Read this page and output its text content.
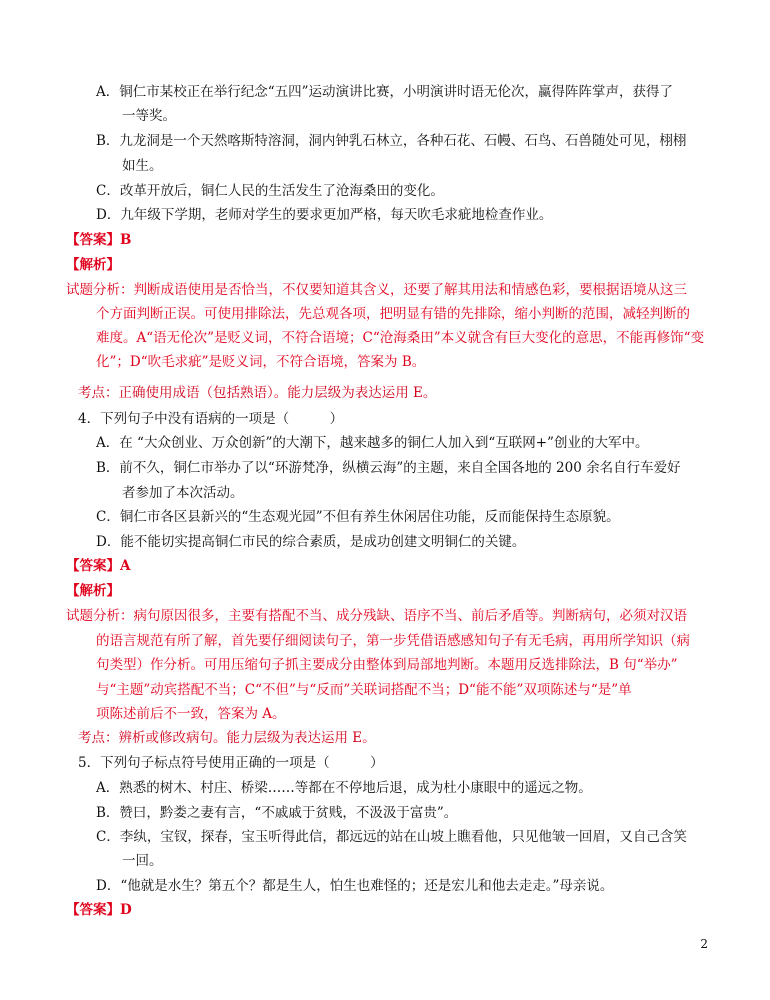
A．铜仁市某校正在举行纪念“五四”运动演讲比赛，小明演讲时语无伦次，赢得阵阵掌声，获得了
一等奖。
B．九龙洞是一个天然喀斯特溶洞，洞内钟乳石林立，各种石花、石幔、石鸟、石兽随处可见，栩栩
如生。
C．改革开放后，铜仁人民的生活发生了沧海桑田的变化。
D．九年级下学期，老师对学生的要求更加严格，每天吹毛求疵地检查作业。
【答案】B
【解析】
试题分析：判断成语使用是否恰当，不仅要知道其含义，还要了解其用法和情感色彩，要根据语境从这三
个方面判断正误。可使用排除法，先总观各项，把明显有错的先排除，缩小判断的范围，减轻判断的
难度。A“语无伦次”是贬义词，不符合语境；C“沧海桑田”本义就含有巨大变化的意思，不能再修饰“变
化”；D“吹毛求疵”是贬义词，不符合语境，答案为 B。
考点：正确使用成语（包括熟语）。能力层级为表达运用 E。
4．下列句子中没有语病的一项是（　　　）
A．在 “大众创业、万众创新”的大潮下，越来越多的铜仁人加入到“互联网+”创业的大军中。
B．前不久，铜仁市举办了以“环游梵净，纵横云海”的主题，来自全国各地的 200 余名自行车爱好
者参加了本次活动。
C．铜仁市各区县新兴的“生态观光园”不但有养生休闲居住功能，反而能保持生态原貌。
D．能不能切实提高铜仁市民的综合素质，是成功创建文明铜仁的关键。
【答案】A
【解析】
试题分析：病句原因很多，主要有搭配不当、成分残缺、语序不当、前后矛盾等。判断病句，必须对汉语
的语言规范有所了解，首先要仔细阅读句子，第一步凭借语感感知句子有无毛病，再用所学知识（病
句类型）作分析。可用压缩句子抓主要成分由整体到局部地判断。本题用反选排除法，B 句“举办”
与“主题”动宾搭配不当；C“不但”与“反而”关联词搭配不当；D“能不能”双项陈述与“是”单
项陈述前后不一致，答案为 A。
考点：辨析或修改病句。能力层级为表达运用 E。
5．下列句子标点符号使用正确的一项是（　　　）
A．熟悉的树木、村庄、桥梁……等都在不停地后退，成为杜小康眼中的遥远之物。
B．赞曰，黔娄之妻有言，“不戚戚于贫贱，不汲汲于富贵”。
C．李纨，宝钗，探春，宝玉听得此信，都远远的站在山坡上瞧看他，只见他皱一回眉，又自己含笑
一回。
D．“他就是水生？第五个？都是生人，怕生也难怪的；还是宏儿和他去走走。”母亲说。
【答案】D
2
